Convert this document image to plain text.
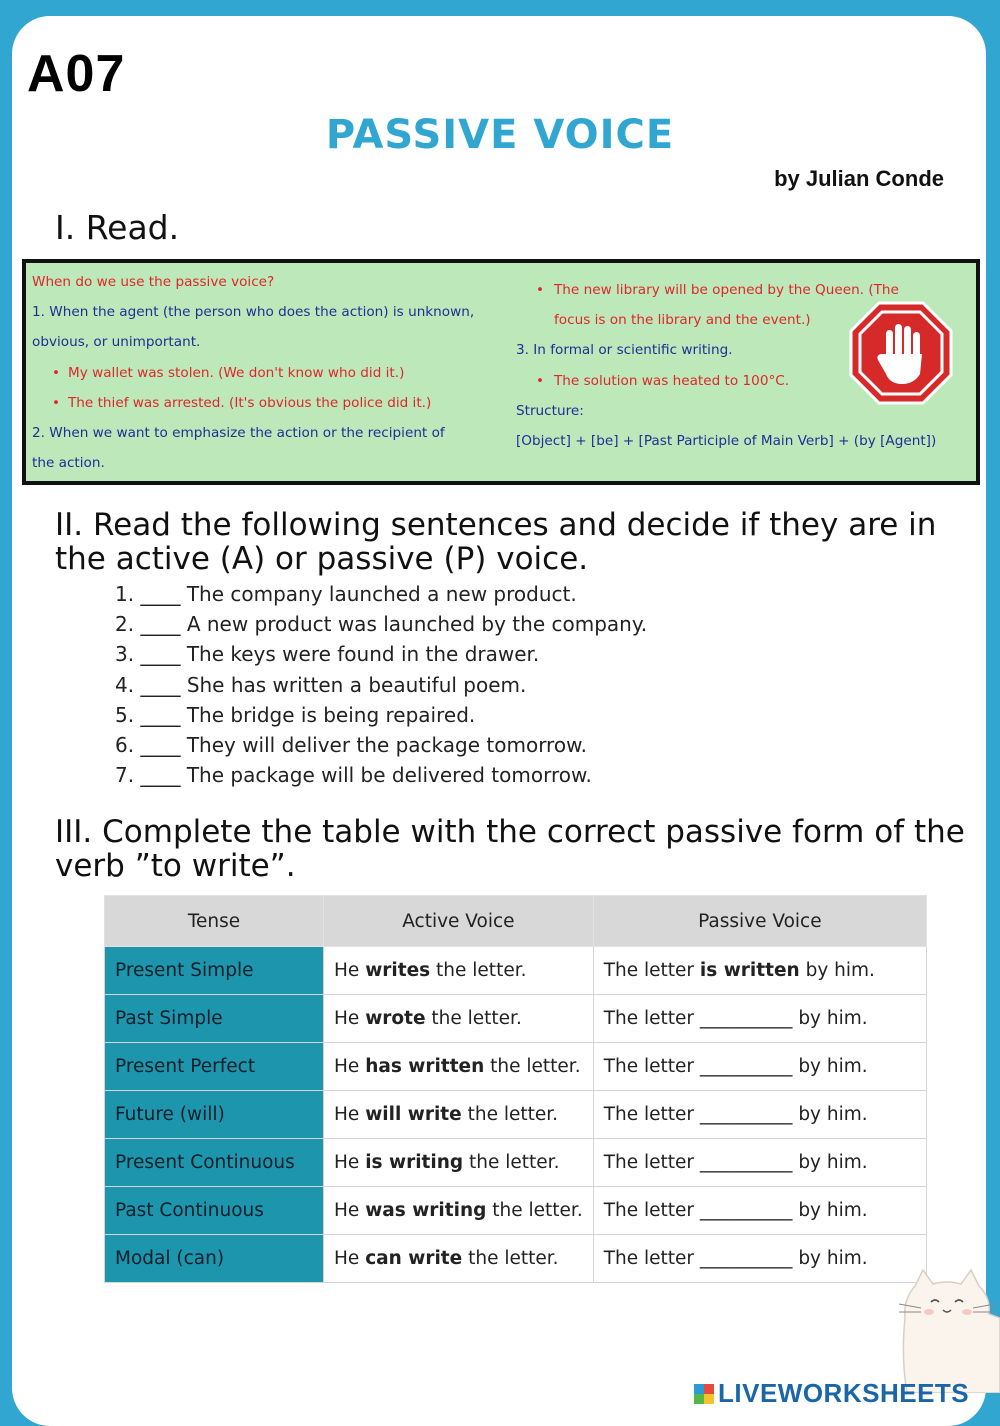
A07
PASSIVE VOICE
by Julian Conde
I. Read.

When do we use the passive voice?

1. When the agent (the person who does the action) is unknown,

obvious, or unimportant.

• My wallet was stolen. (We don't know who did it.)

• The thief was arrested. (It's obvious the police did it.)

2. When we want to emphasize the action or the recipient of

the action.

• The new library will be opened by the Queen. (The

focus is on the library and the event.)

3. In formal or scientific writing.

• The solution was heated to 100°C.

Structure:

[Object] + [be] + [Past Participle of Main Verb] + (by [Agent])

II. Read the following sentences and decide if they are in the active (A) or passive (P) voice.
1. ____ The company launched a new product.
2. ____ A new product was launched by the company.
3. ____ The keys were found in the drawer.
4. ____ She has written a beautiful poem.
5. ____ The bridge is being repaired.
6. ____ They will deliver the package tomorrow.
7. ____ The package will be delivered tomorrow.
III. Complete the table with the correct passive form of the verb ”to write”.
Tense	Active Voice	Passive Voice
Present Simple	He writes the letter.	The letter is written by him.
Past Simple	He wrote the letter.	The letter __________ by him.
Present Perfect	He has written the letter.	The letter __________ by him.
Future (will)	He will write the letter.	The letter __________ by him.
Present Continuous	He is writing the letter.	The letter __________ by him.
Past Continuous	He was writing the letter.	The letter __________ by him.
Modal (can)	He can write the letter.	The letter __________ by him.
LIVEWORKSHEETS
